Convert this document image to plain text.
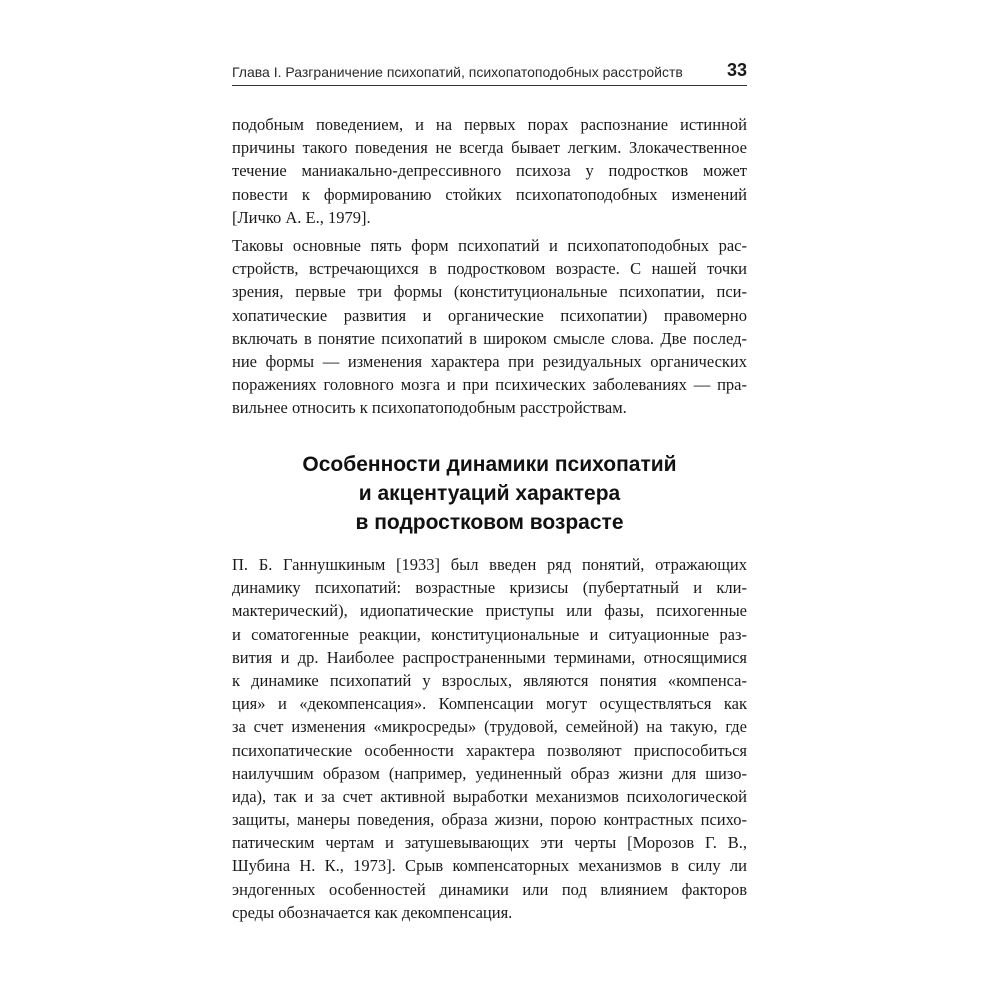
Глава I. Разграничение психопатий, психопатоподобных расстройств 33
подобным поведением, и на первых порах распознание истинной
причины такого поведения не всегда бывает легким. Злокачественное
течение маниакально-депрессивного психоза у подростков может
повести к формированию стойких психопатоподобных изменений
[Личко А. Е., 1979].
Таковы основные пять форм психопатий и психопатоподобных рас-
стройств, встречающихся в подростковом возрасте. С нашей точки
зрения, первые три формы (конституциональные психопатии, пси-
хопатические развития и органические психопатии) правомерно
включать в понятие психопатий в широком смысле слова. Две послед-
ние формы — изменения характера при резидуальных органических
поражениях головного мозга и при психических заболеваниях — пра-
вильнее относить к психопатоподобным расстройствам.
Особенности динамики психопатий
и акцентуаций характера
в подростковом возрасте
П. Б. Ганнушкиным [1933] был введен ряд понятий, отражающих
динамику психопатий: возрастные кризисы (пубертатный и кли-
мактерический), идиопатические приступы или фазы, психогенные
и соматогенные реакции, конституциональные и ситуационные раз-
вития и др. Наиболее распространенными терминами, относящимися
к динамике психопатий у взрослых, являются понятия «компенса-
ция» и «декомпенсация». Компенсации могут осуществляться как
за счет изменения «микросреды» (трудовой, семейной) на такую, где
психопатические особенности характера позволяют приспособиться
наилучшим образом (например, уединенный образ жизни для шизо-
ида), так и за счет активной выработки механизмов психологической
защиты, манеры поведения, образа жизни, порою контрастных психо-
патическим чертам и затушевывающих эти черты [Морозов Г. В.,
Шубина Н. К., 1973]. Срыв компенсаторных механизмов в силу ли
эндогенных особенностей динамики или под влиянием факторов
среды обозначается как декомпенсация.
